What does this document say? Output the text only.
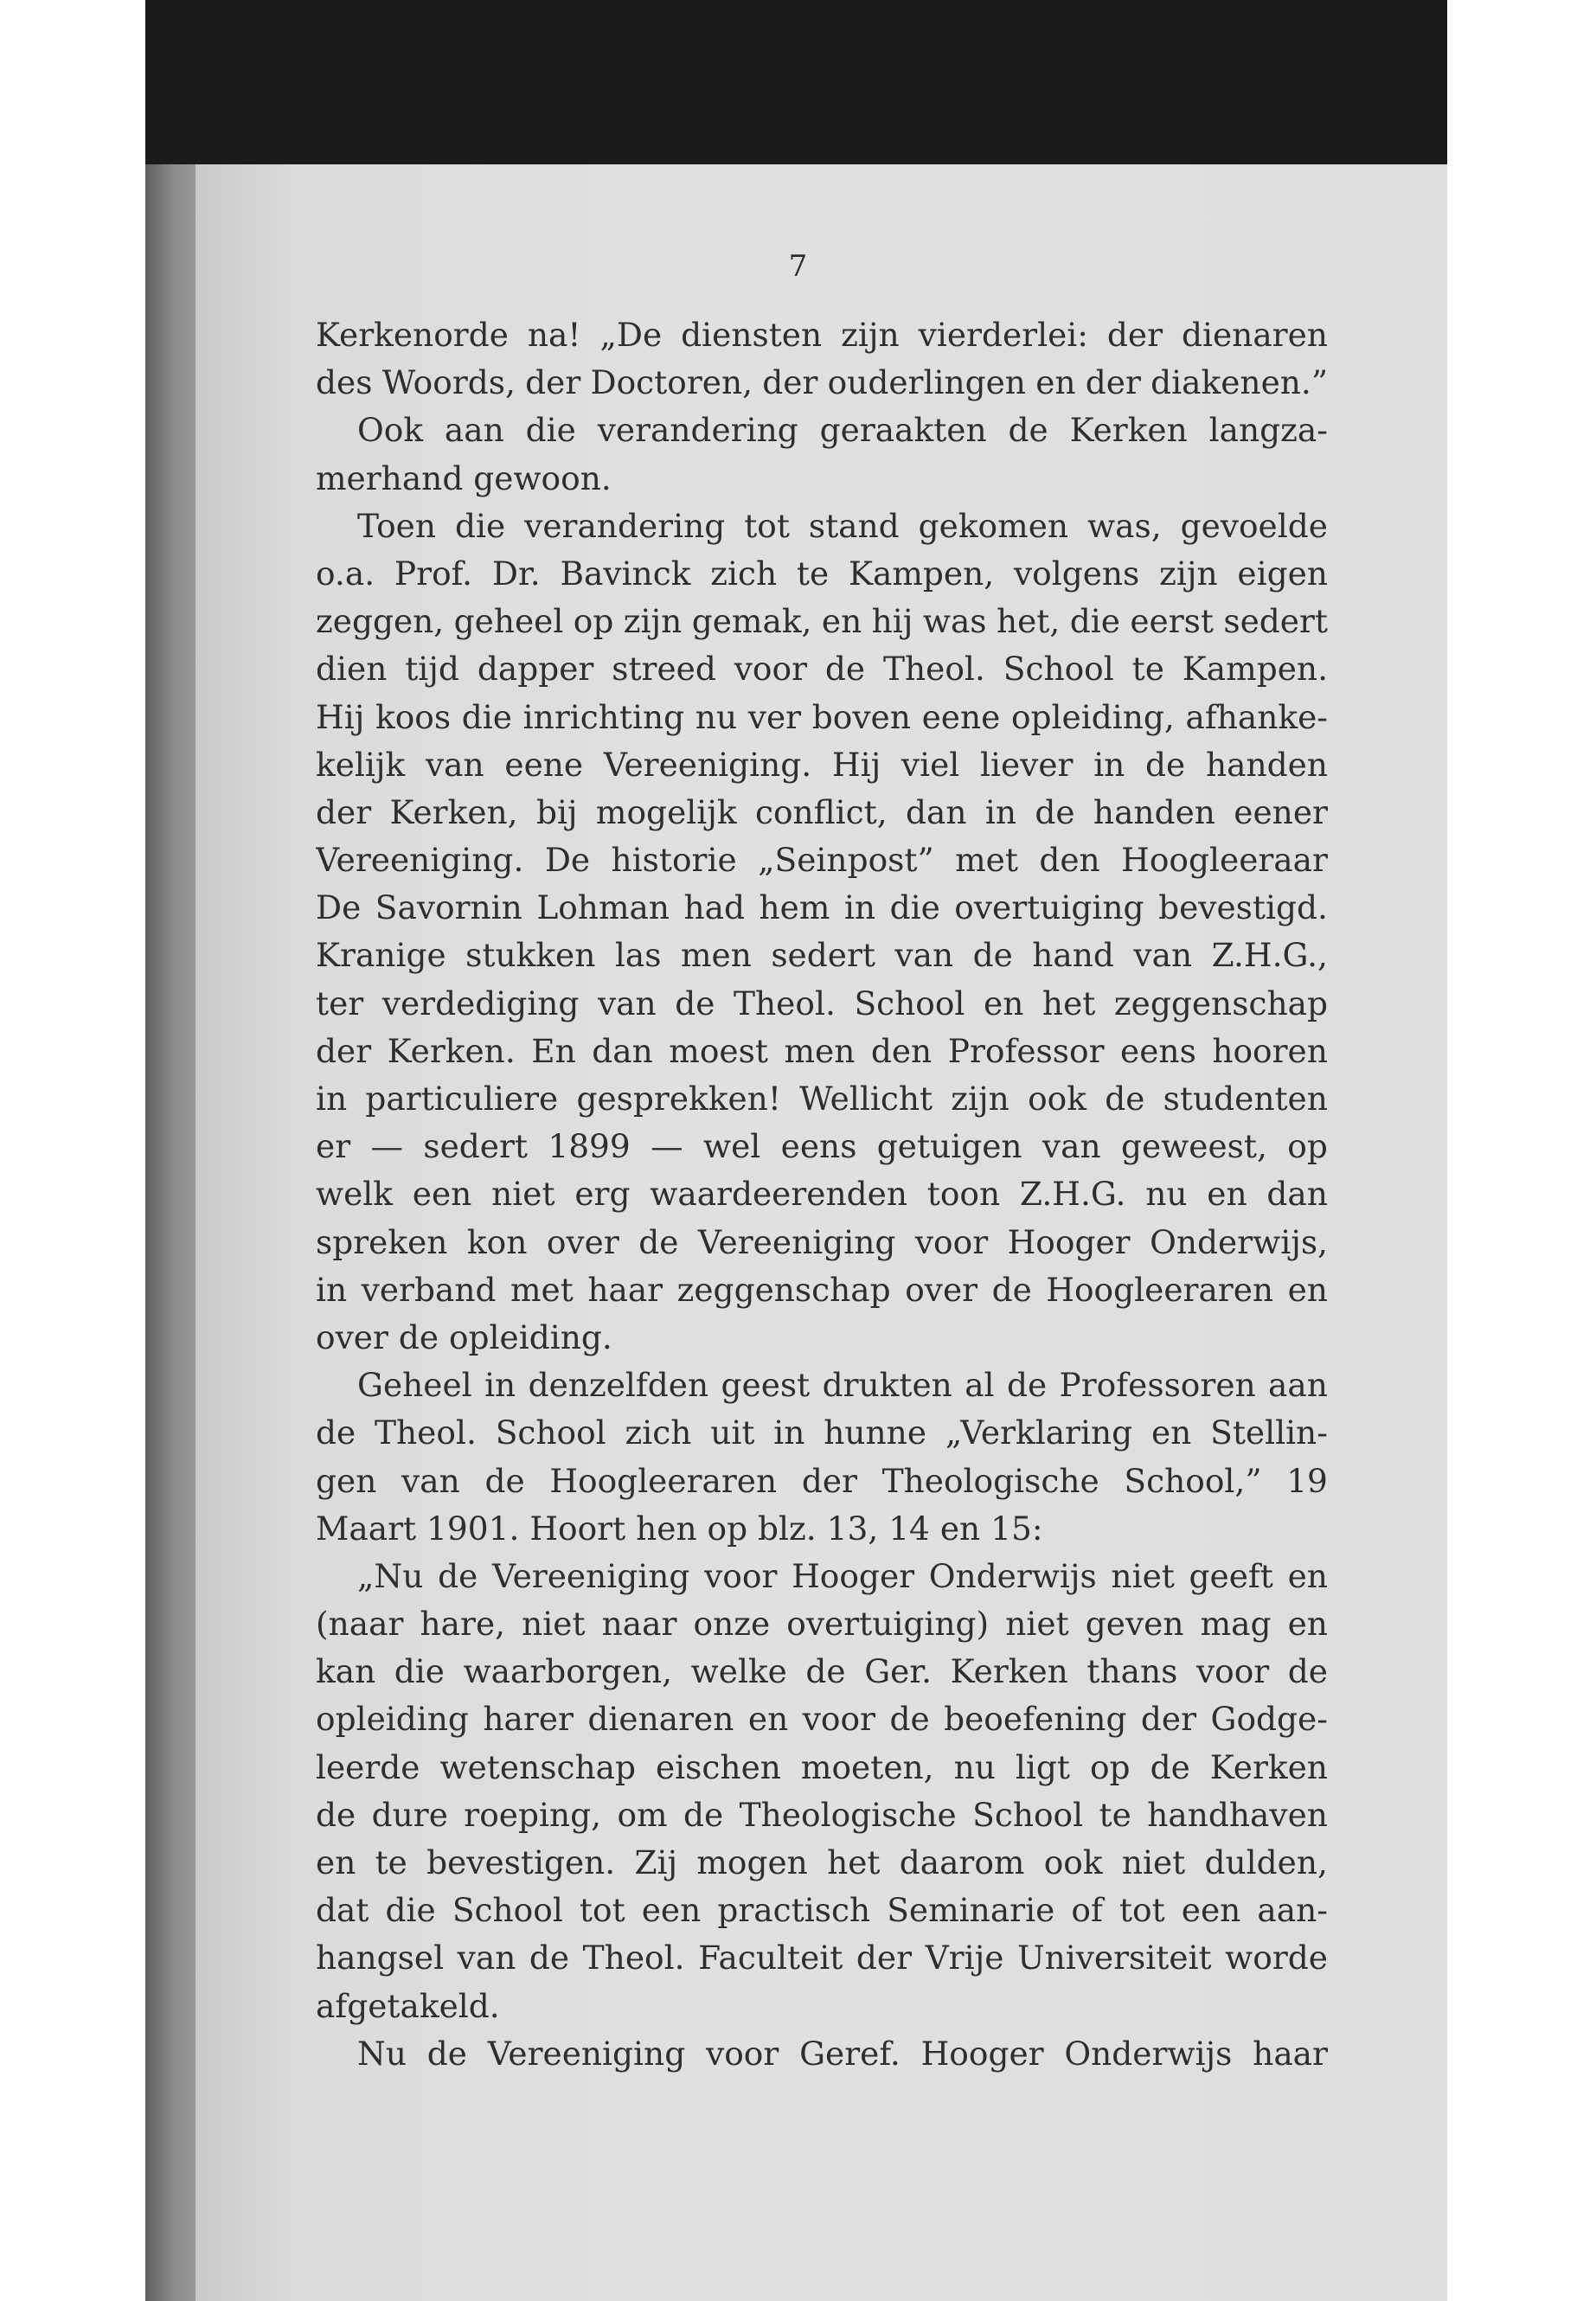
7
Kerkenorde na! „De diensten zijn vierderlei: der dienaren
des Woords, der Doctoren, der ouderlingen en der diakenen.”
Ook aan die verandering geraakten de Kerken langza-
merhand gewoon.
Toen die verandering tot stand gekomen was, gevoelde
o.a. Prof. Dr. Bavinck zich te Kampen, volgens zijn eigen
zeggen, geheel op zijn gemak, en hij was het, die eerst sedert
dien tijd dapper streed voor de Theol. School te Kampen.
Hij koos die inrichting nu ver boven eene opleiding, afhanke-
kelijk van eene Vereeniging. Hij viel liever in de handen
der Kerken, bij mogelijk conflict, dan in de handen eener
Vereeniging. De historie „Seinpost” met den Hoogleeraar
De Savornin Lohman had hem in die overtuiging bevestigd.
Kranige stukken las men sedert van de hand van Z.H.G.,
ter verdediging van de Theol. School en het zeggenschap
der Kerken. En dan moest men den Professor eens hooren
in particuliere gesprekken! Wellicht zijn ook de studenten
er — sedert 1899 — wel eens getuigen van geweest, op
welk een niet erg waardeerenden toon Z.H.G. nu en dan
spreken kon over de Vereeniging voor Hooger Onderwijs,
in verband met haar zeggenschap over de Hoogleeraren en
over de opleiding.
Geheel in denzelfden geest drukten al de Professoren aan
de Theol. School zich uit in hunne „Verklaring en Stellin-
gen van de Hoogleeraren der Theologische School,” 19
Maart 1901. Hoort hen op blz. 13, 14 en 15:
„Nu de Vereeniging voor Hooger Onderwijs niet geeft en
(naar hare, niet naar onze overtuiging) niet geven mag en
kan die waarborgen, welke de Ger. Kerken thans voor de
opleiding harer dienaren en voor de beoefening der Godge-
leerde wetenschap eischen moeten, nu ligt op de Kerken
de dure roeping, om de Theologische School te handhaven
en te bevestigen. Zij mogen het daarom ook niet dulden,
dat die School tot een practisch Seminarie of tot een aan-
hangsel van de Theol. Faculteit der Vrije Universiteit worde
afgetakeld.
Nu de Vereeniging voor Geref. Hooger Onderwijs haar
